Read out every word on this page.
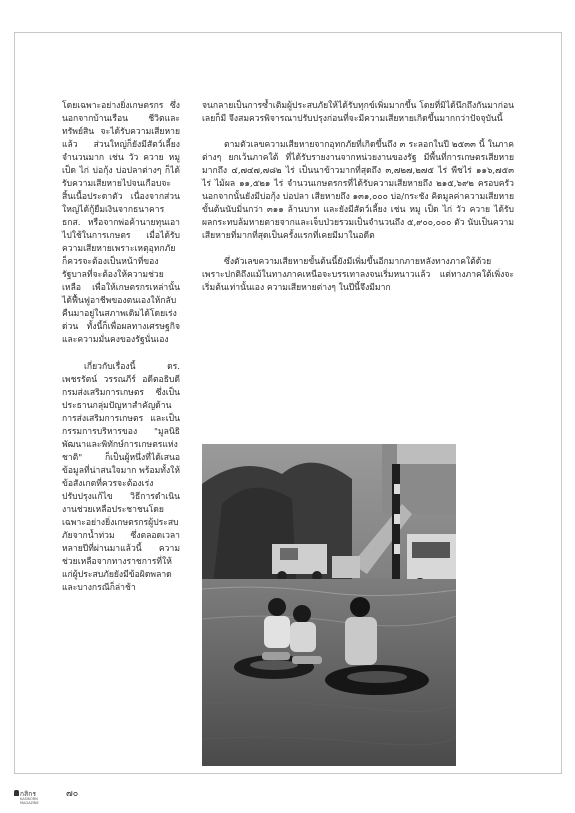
โดยเฉพาะอย่างยิ่งเกษตรกร ซึ่งนอกจากบ้านเรือน ชีวิตและทรัพย์สิน จะได้รับความเสียหายแล้ว ส่วนใหญ่ก็ยังมีสัตว์เลี้ยงจำนวนมาก เช่น วัว ควาย หมู เป็ด ไก่ บ่อกุ้ง บ่อปลาต่างๆ ก็ได้รับความเสียหายไปจนเกือบจะสิ้นเนื้อประดาตัว เนื่องจากส่วนใหญ่ได้กู้ยืมเงินจากธนาคาร ธกส. หรือจากพ่อค้านายทุนเอาไปใช้ในการเกษตร เมื่อได้รับความเสียหายเพราะเหตุอุทกภัย ก็ควรจะต้องเป็นหน้าที่ของรัฐบาลที่จะต้องให้ความช่วยเหลือ เพื่อให้เกษตรกรเหล่านั้นได้ฟื้นฟูอาชีพของตนเองให้กลับคืนมาอยู่ในสภาพเดิมได้โดยเร่งด่วน ทั้งนี้ก็เพื่อผลทางเศรษฐกิจ และความมั่นคงของรัฐนั่นเอง

เกี่ยวกับเรื่องนี้ ดร. เพชรรัตน์ วรรณภีร์ อดีตอธิบดีกรมส่งเสริมการเกษตร ซึ่งเป็นประธานกลุ่มปัญหาสำคัญด้านการส่งเสริมการเกษตร และเป็นกรรมการบริหารของ "มูลนิธิพัฒนาและพิทักษ์การเกษตรแห่งชาติ" ก็เป็นผู้หนึ่งที่ได้เสนอข้อมูลที่น่าสนใจมาก พร้อมทั้งให้ข้อสังเกตที่ควรจะต้องเร่งปรับปรุงแก้ไข วิธีการดำเนินงานช่วยเหลือประชาชนโดยเฉพาะอย่างยิ่งเกษตรกรผู้ประสบภัยจากน้ำท่วม ซึ่งตลอดเวลาหลายปีที่ผ่านมาแล้วนี้ ความช่วยเหลือจากทางราชการที่ให้แก่ผู้ประสบภัยยังมีข้อผิดพลาด และบางกรณีก็ล่าช้า

จนกลายเป็นการซ้ำเติมผู้ประสบภัยให้ได้รับทุกข์เพิ่มมากขึ้น โดยที่มิได้นึกถึงกันมาก่อนเลยก็มี จึงสมควรพิจารณาปรับปรุงก่อนที่จะมีความเสียหายเกิดขึ้นมากกว่าปัจจุบันนี้

ตามตัวเลขความเสียหายจากอุทกภัยที่เกิดขึ้นถึง ๓ ระลอกในปี ๒๕๓๓ นี้ ในภาคต่างๆ ยกเว้นภาคใต้ ที่ได้รับรายงานจากหน่วยงานของรัฐ มีพื้นที่การเกษตรเสียหายมากถึง ๔,๗๔๗,๗๘๒ ไร่ เป็นนาข้าวมากที่สุดถึง ๓,๗๒๗,๒๗๕ ไร่ พืชไร่ ๑๑๖,๗๕๓ ไร่ ไม้ผล ๑๑,๕๒๑ ไร่ จำนวนเกษตรกรที่ได้รับความเสียหายถึง ๒๑๕,๖๙๒ ครอบครัว นอกจากนั้นยังมีบ่อกุ้ง บ่อปลา เสียหายถึง ๑๓๑,๐๐๐ บ่อ/กระชัง คิดมูลค่าความเสียหายขั้นต้นนับมิ่นกว่า ๓๑๑ ล้านบาท และยังมีสัตว์เลี้ยง เช่น หมู เป็ด ไก่ วัว ควาย ได้รับผลกระทบล้มหายตายจากและเจ็บป่วยรวมเป็นจำนวนถึง ๕,๙๐๐,๐๐๐ ตัว นับเป็นความเสียหายที่มากที่สุดเป็นครั้งแรกที่เคยมีมาในอดีต

ซึ่งตัวเลขความเสียหายขั้นต้นนี้ยังมีเพิ่มขึ้นอีกมากภายหลังทางภาคใต้ด้วย เพราะปกติถึงแม้ในทางภาคเหนือจะบรรเทาลงจนเริ่มหนาวแล้ว แต่ทางภาคใต้เพิ่งจะเริ่มต้นเท่านั้นเอง ความเสียหายต่างๆ ในปีนี้จึงมีมาก

กสิกร
KASIKORN MAGAZINE
๗๐
